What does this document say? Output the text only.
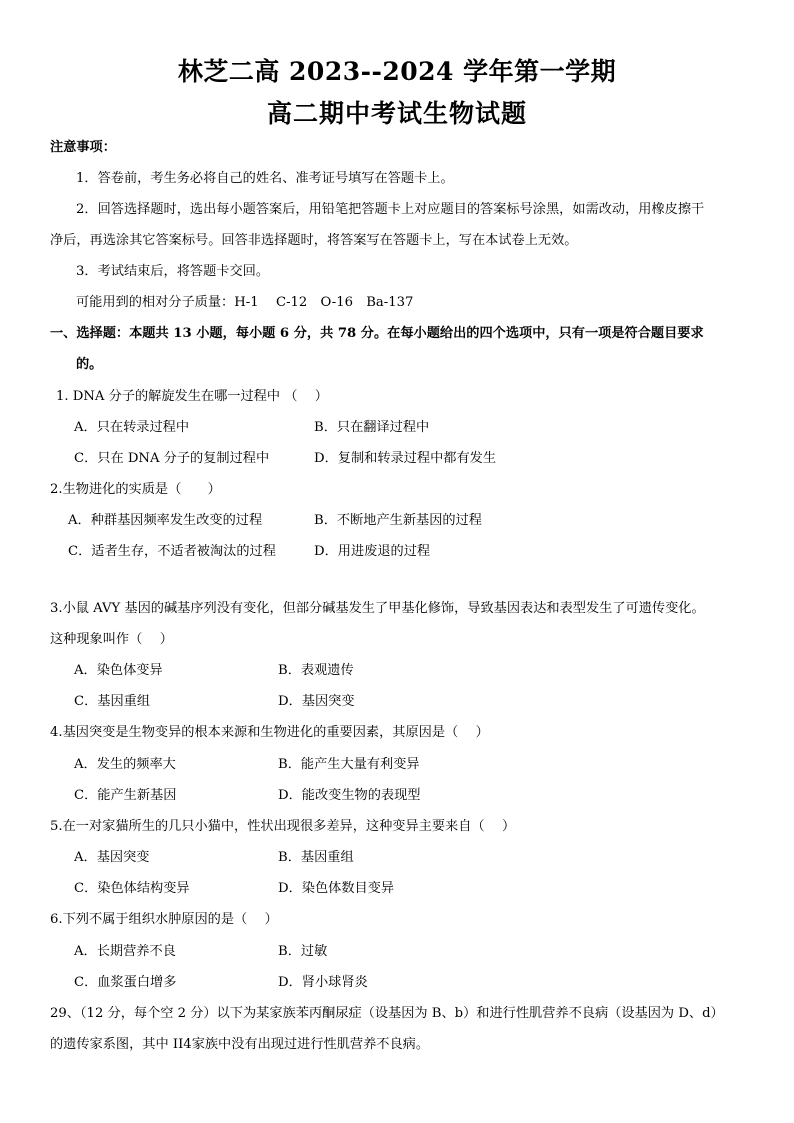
林芝二高 2023--2024 学年第一学期
高二期中考试生物试题
注意事项：
1．答卷前，考生务必将自己的姓名、准考证号填写在答题卡上。
2．回答选择题时，选出每小题答案后，用铅笔把答题卡上对应题目的答案标号涂黑，如需改动，用橡皮擦干
净后，再选涂其它答案标号。回答非选择题时，将答案写在答题卡上，写在本试卷上无效。
3．考试结束后，将答题卡交回。
可能用到的相对分子质量：H-1　 C-12　O-16　Ba-137
一、选择题：本题共 13 小题，每小题 6 分，共 78 分。在每小题给出的四个选项中，只有一项是符合题目要求
的。
1. DNA 分子的解旋发生在哪一过程中 （　 ）
A．只在转录过程中	B．只在翻译过程中
C．只在 DNA 分子的复制过程中	D．复制和转录过程中都有发生
2.生物进化的实质是（　　）
A．种群基因频率发生改变的过程	B．不断地产生新基因的过程
C．适者生存，不适者被淘汰的过程	D．用进废退的过程
3.小鼠 AVY 基因的碱基序列没有变化，但部分碱基发生了甲基化修饰，导致基因表达和表型发生了可遗传变化。
这种现象叫作（　 ）
A．染色体变异	B．表观遗传
C．基因重组	D．基因突变
4.基因突变是生物变异的根本来源和生物进化的重要因素，其原因是（　 ）
A．发生的频率大	B．能产生大量有利变异
C．能产生新基因	D．能改变生物的表现型
5.在一对家猫所生的几只小猫中，性状出现很多差异，这种变异主要来自（　 ）
A．基因突变	B．基因重组
C．染色体结构变异	D．染色体数目变异
6.下列不属于组织水肿原因的是（　 ）
A．长期营养不良	B．过敏
C．血浆蛋白增多	D．肾小球肾炎
29、（12 分，每个空 2 分）以下为某家族苯丙酮尿症（设基因为 B、b）和进行性肌营养不良病（设基因为 D、d）
的遗传家系图，其中 II4家族中没有出现过进行性肌营养不良病。
